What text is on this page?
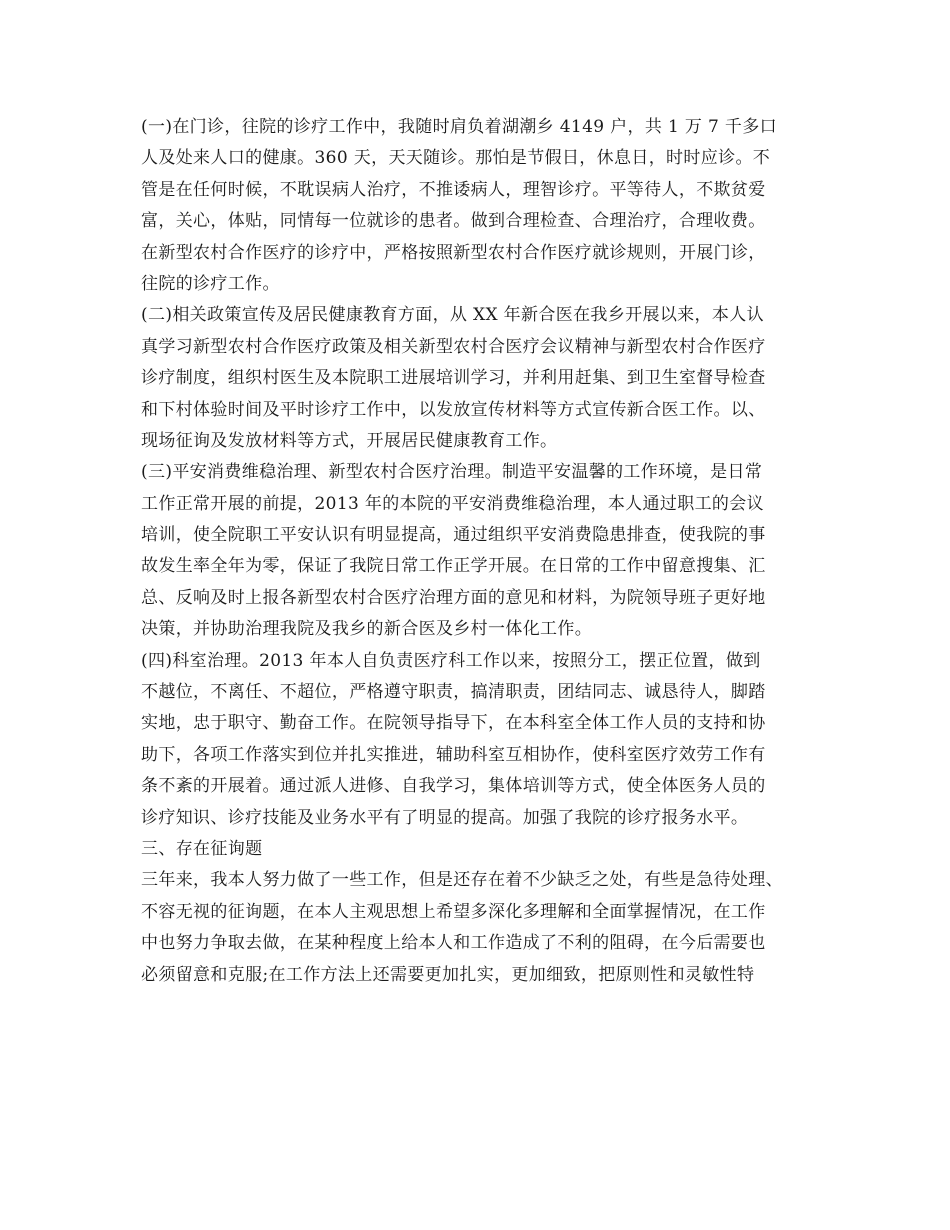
(一)在门诊，往院的诊疗工作中，我随时肩负着湖潮乡 4149 户，共 1 万 7 千多口
人及处来人口的健康。360 天，天天随诊。那怕是节假日，休息日，时时应诊。不
管是在任何时候，不耽误病人治疗，不推诿病人，理智诊疗。平等待人，不欺贫爱
富，关心，体贴，同情每一位就诊的患者。做到合理检查、合理治疗，合理收费。
在新型农村合作医疗的诊疗中，严格按照新型农村合作医疗就诊规则，开展门诊，
往院的诊疗工作。
(二)相关政策宣传及居民健康教育方面，从 XX 年新合医在我乡开展以来，本人认
真学习新型农村合作医疗政策及相关新型农村合医疗会议精神与新型农村合作医疗
诊疗制度，组织村医生及本院职工进展培训学习，并利用赶集、到卫生室督导检查
和下村体验时间及平时诊疗工作中，以发放宣传材料等方式宣传新合医工作。以、
现场征询及发放材料等方式，开展居民健康教育工作。
(三)平安消费维稳治理、新型农村合医疗治理。制造平安温馨的工作环境，是日常
工作正常开展的前提，2013 年的本院的平安消费维稳治理，本人通过职工的会议
培训，使全院职工平安认识有明显提高，通过组织平安消费隐患排查，使我院的事
故发生率全年为零，保证了我院日常工作正学开展。在日常的工作中留意搜集、汇
总、反响及时上报各新型农村合医疗治理方面的意见和材料，为院领导班子更好地
决策，并协助治理我院及我乡的新合医及乡村一体化工作。
(四)科室治理。2013 年本人自负责医疗科工作以来，按照分工，摆正位置，做到
不越位，不离任、不超位，严格遵守职责，搞清职责，团结同志、诚恳待人，脚踏
实地，忠于职守、勤奋工作。在院领导指导下，在本科室全体工作人员的支持和协
助下，各项工作落实到位并扎实推进，辅助科室互相协作，使科室医疗效劳工作有
条不紊的开展着。通过派人进修、自我学习，集体培训等方式，使全体医务人员的
诊疗知识、诊疗技能及业务水平有了明显的提高。加强了我院的诊疗报务水平。
三、存在征询题
三年来，我本人努力做了一些工作，但是还存在着不少缺乏之处，有些是急待处理、
不容无视的征询题，在本人主观思想上希望多深化多理解和全面掌握情况，在工作
中也努力争取去做，在某种程度上给本人和工作造成了不利的阻碍，在今后需要也
必须留意和克服;在工作方法上还需要更加扎实，更加细致，把原则性和灵敏性特
